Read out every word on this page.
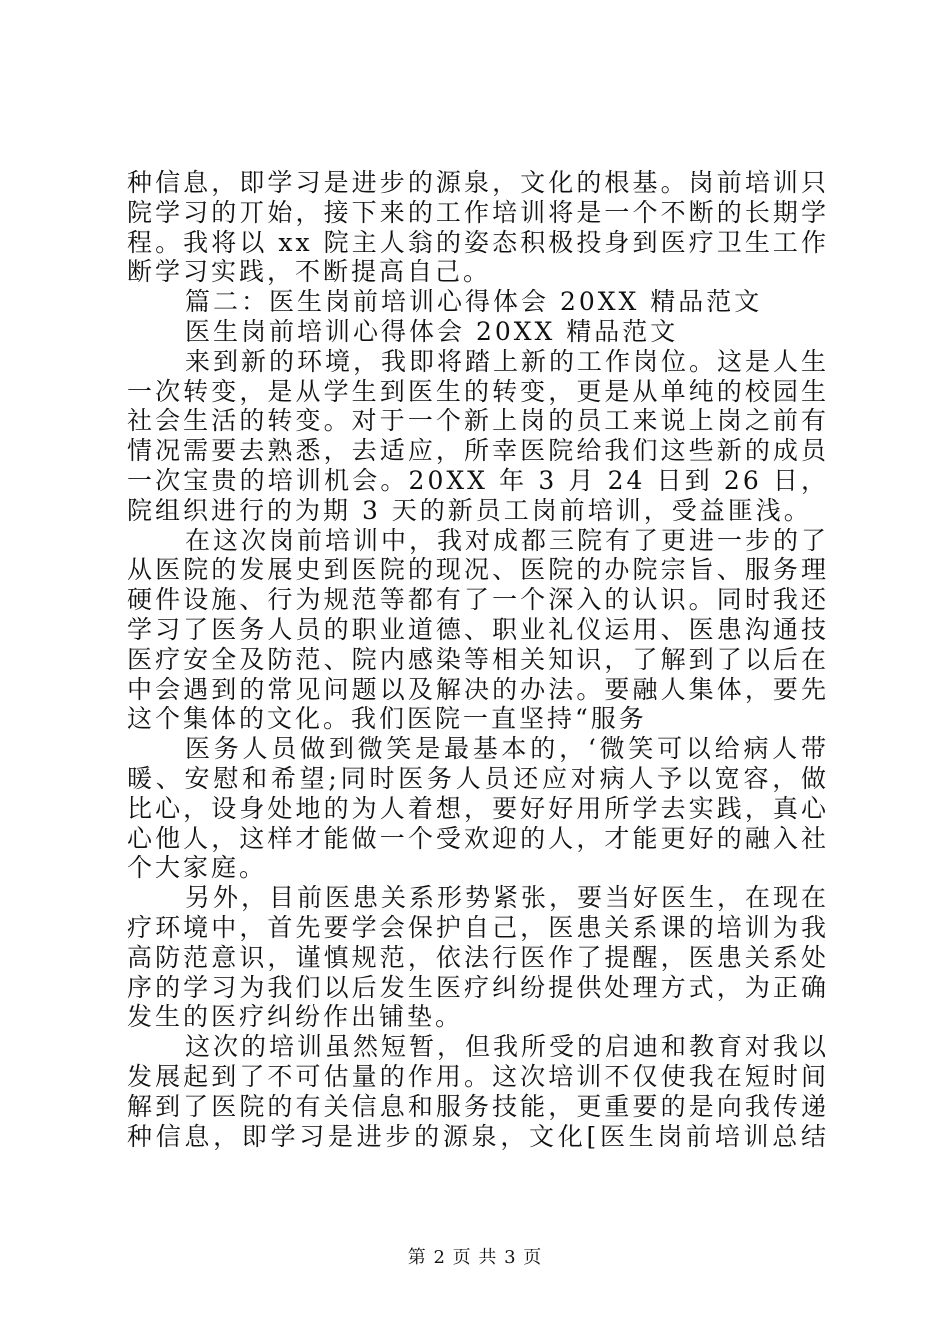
种信息，即学习是进步的源泉，文化的根基。岗前培训只
院学习的丌始，接下来的工作培训将是一个不断的长期学
程。我将以 xx 院主人翁的姿态积极投身到医疗卫生工作
断学习实践，不断提高自己。
篇二：医生岗前培训心得体会 20XX 精品范文
医生岗前培训心得体会 20XX 精品范文
来到新的环境，我即将踏上新的工作岗位。这是人生
一次转变，是从学生到医生的转变，更是从单纯的校园生
社会生活的转变。对于一个新上岗的员工来说上岗之前有
情况需要去熟悉，去适应，所幸医院给我们这些新的成员
一次宝贵的培训机会。20XX 年 3 月 24 日到 26 日，
院组织进行的为期 3 天的新员工岗前培训，受益匪浅。
在这次岗前培训中，我对成都三院有了更进一步的了
从医院的发展史到医院的现况、医院的办院宗旨、服务理
硬件设施、行为规范等都有了一个深入的认识。同时我还
学习了医务人员的职业道德、职业礼仪运用、医患沟通技
医疗安全及防范、院内感染等相关知识，了解到了以后在
中会遇到的常见问题以及解决的办法。要融人集体，要先
这个集体的文化。我们医院一直坚持“服务
医务人员做到微笑是最基本的，‘微笑可以给病人带
暖、安慰和希望;同时医务人员还应对病人予以宽容，做
比心，设身处地的为人着想，要好好用所学去实践，真心
心他人，这样才能做一个受欢迎的人，才能更好的融入社
个大家庭。
另外，目前医患关系形势紧张，要当好医生，在现在
疗环境中，首先要学会保护自己，医患关系课的培训为我
高防范意识，谨慎规范，依法行医作了提醒，医患关系处
序的学习为我们以后发生医疗纠纷提供处理方式，为正确
发生的医疗纠纷作出铺垫。
这次的培训虽然短暂，但我所受的启迪和教育对我以
发展起到了不可估量的作用。这次培训不仅使我在短时间
解到了医院的有关信息和服务技能，更重要的是向我传递
种信息，即学习是进步的源泉，文化[医生岗前培训总结
第 2 页 共 3 页
